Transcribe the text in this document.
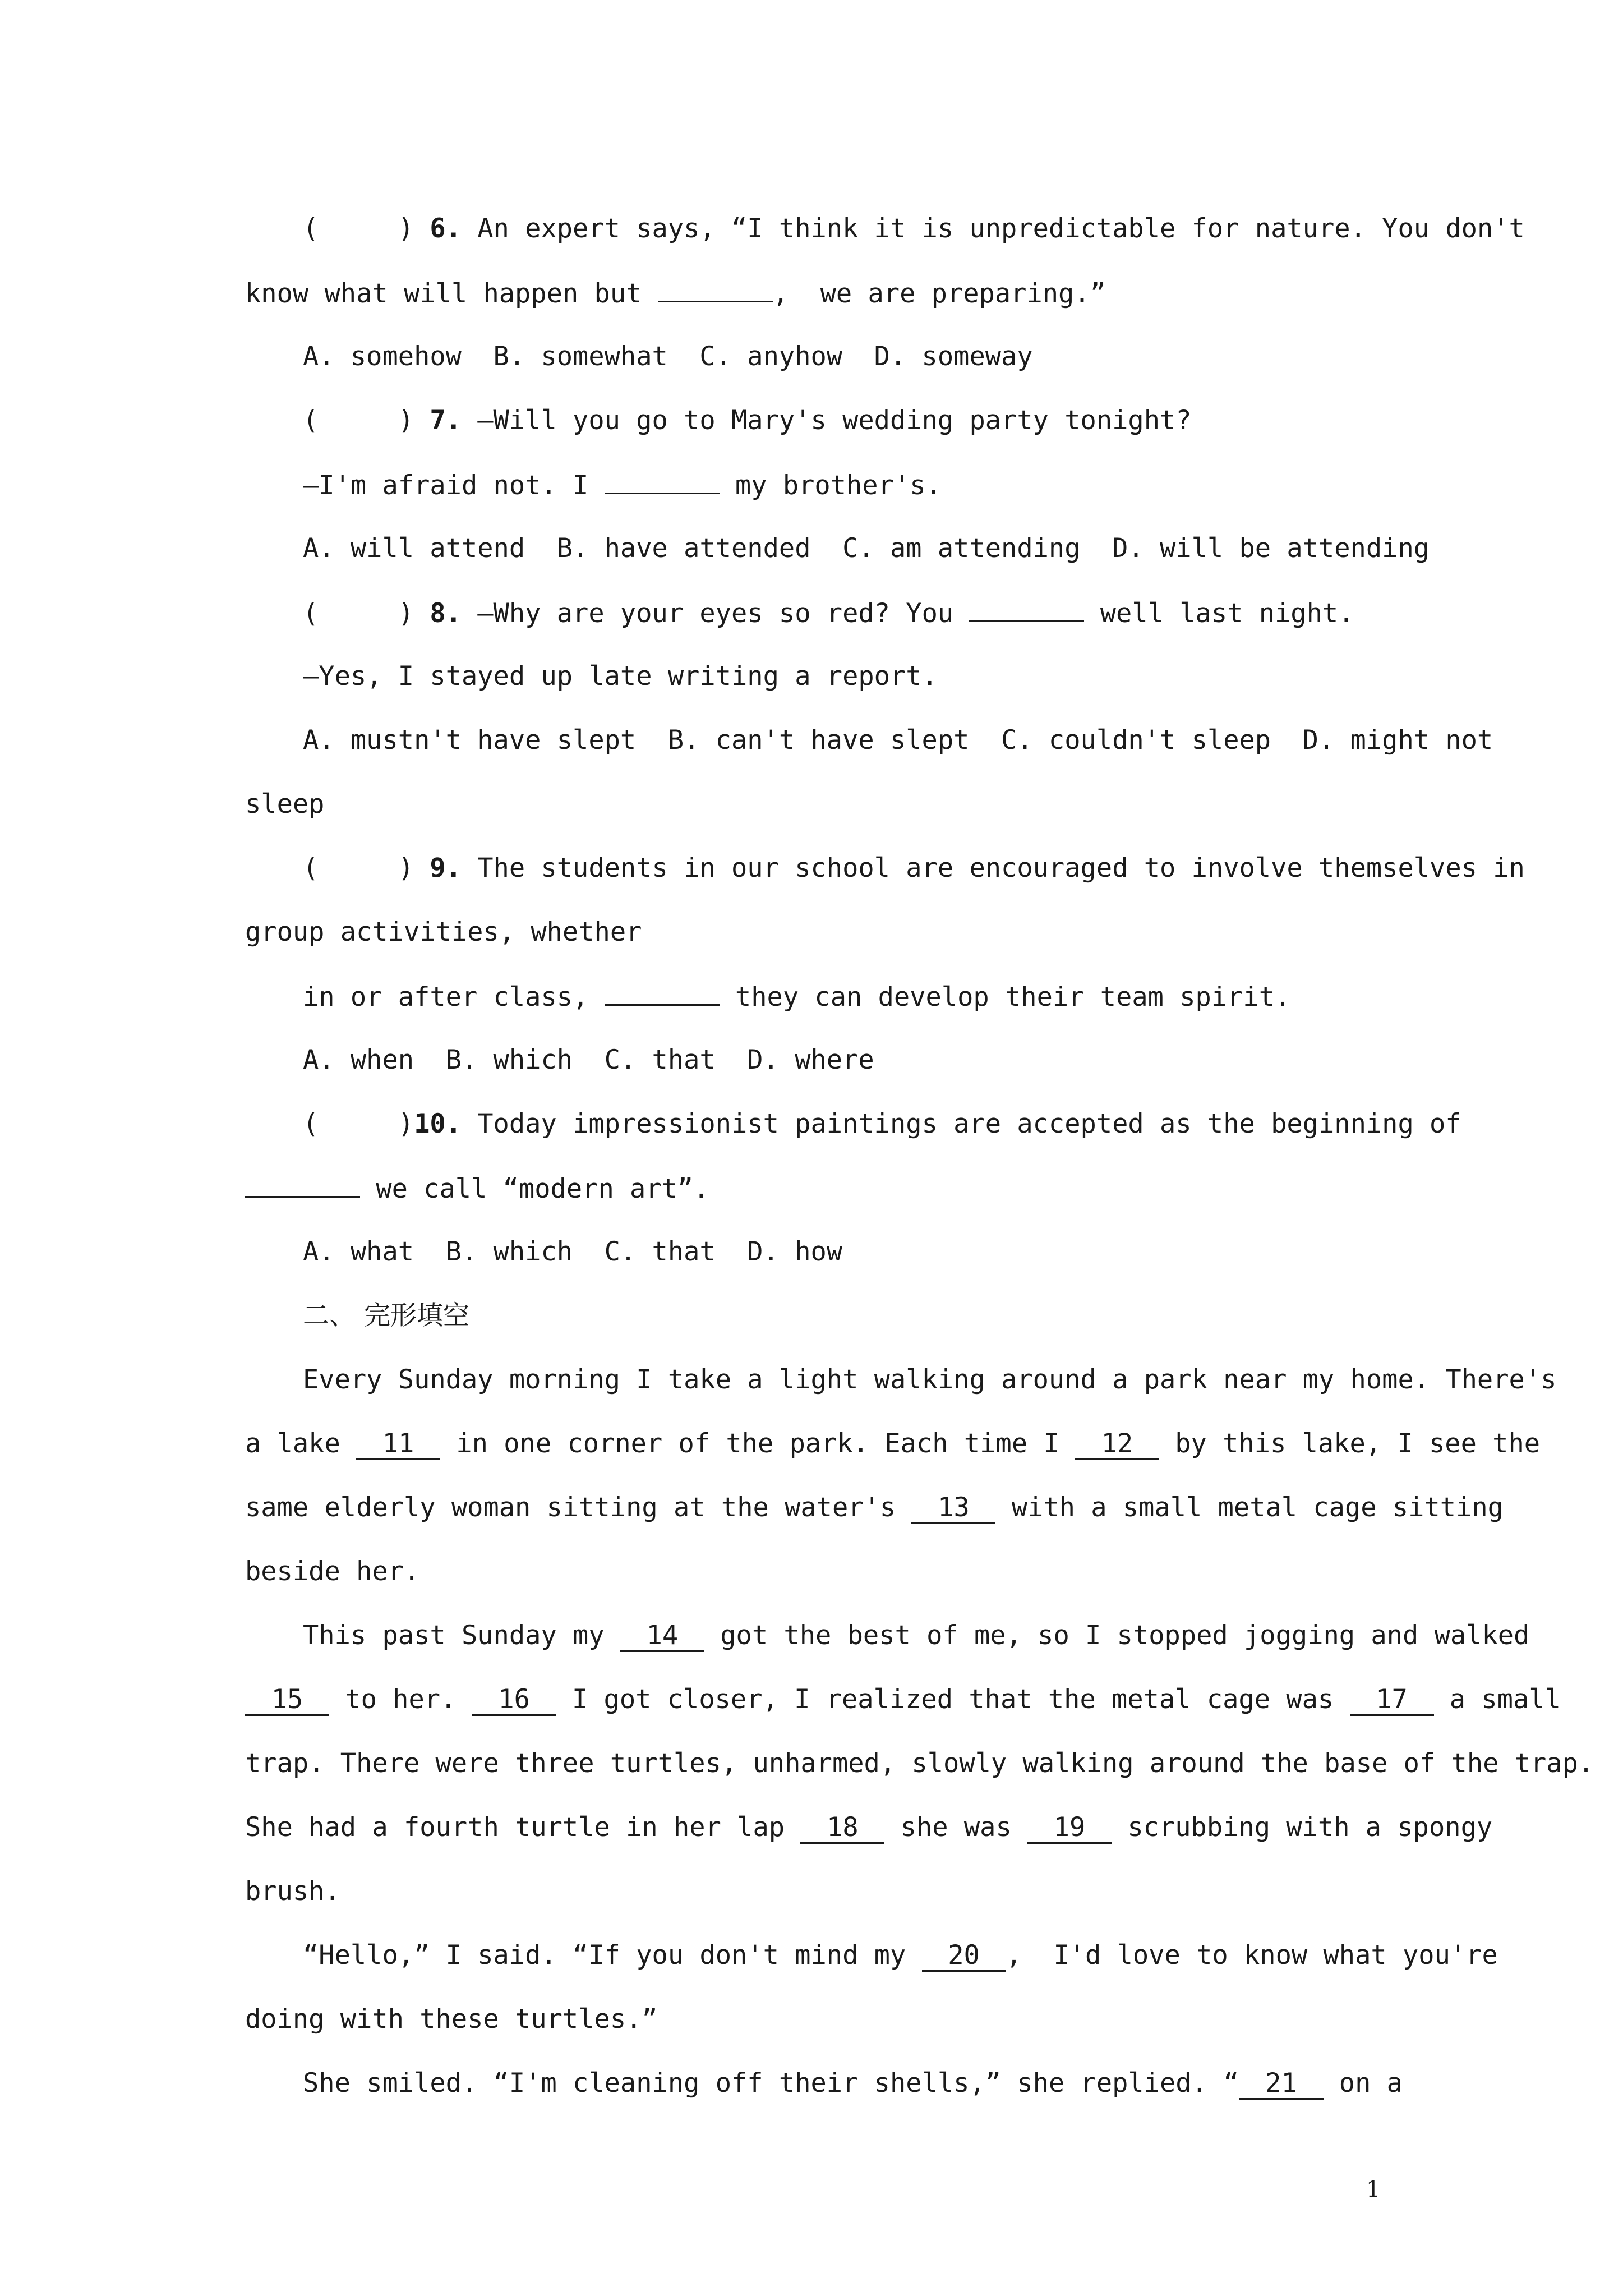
(     ) 6. An expert says, “I think it is unpredictable for nature. You don't
know what will happen but	,  we are preparing.”
A. somehow  B. somewhat  C. anyhow  D. someway
(     ) 7. —Will you go to Mary's wedding party tonight?
—I'm afraid not. I	my brother's.
A. will attend  B. have attended  C. am attending  D. will be attending
(     ) 8. —Why are your eyes so red? You	well last night.
—Yes, I stayed up late writing a report.
A. mustn't have slept  B. can't have slept  C. couldn't sleep  D. might not
sleep
(     ) 9. The students in our school are encouraged to involve themselves in
group activities, whether
in or after class,	they can develop their team spirit.
A. when  B. which  C. that  D. where
(     )10. Today impressionist paintings are accepted as the beginning of
we call “modern art”.
A. what  B. which  C. that  D. how
二、 完形填空
Every Sunday morning I take a light walking around a park near my home. There's
a lake 11 in one corner of the park. Each time I 12 by this lake, I see the
same elderly woman sitting at the water's 13 with a small metal cage sitting
beside her.
This past Sunday my 14 got the best of me, so I stopped jogging and walked
15 to her. 16 I got closer, I realized that the metal cage was 17 a small
trap. There were three turtles, unharmed, slowly walking around the base of the trap.
She had a fourth turtle in her lap 18 she was 19 scrubbing with a spongy
brush.
“Hello,” I said. “If you don't mind my 20 ,  I'd love to know what you're
doing with these turtles.”
She smiled. “I'm cleaning off their shells,” she replied. “ 21 on a
1
